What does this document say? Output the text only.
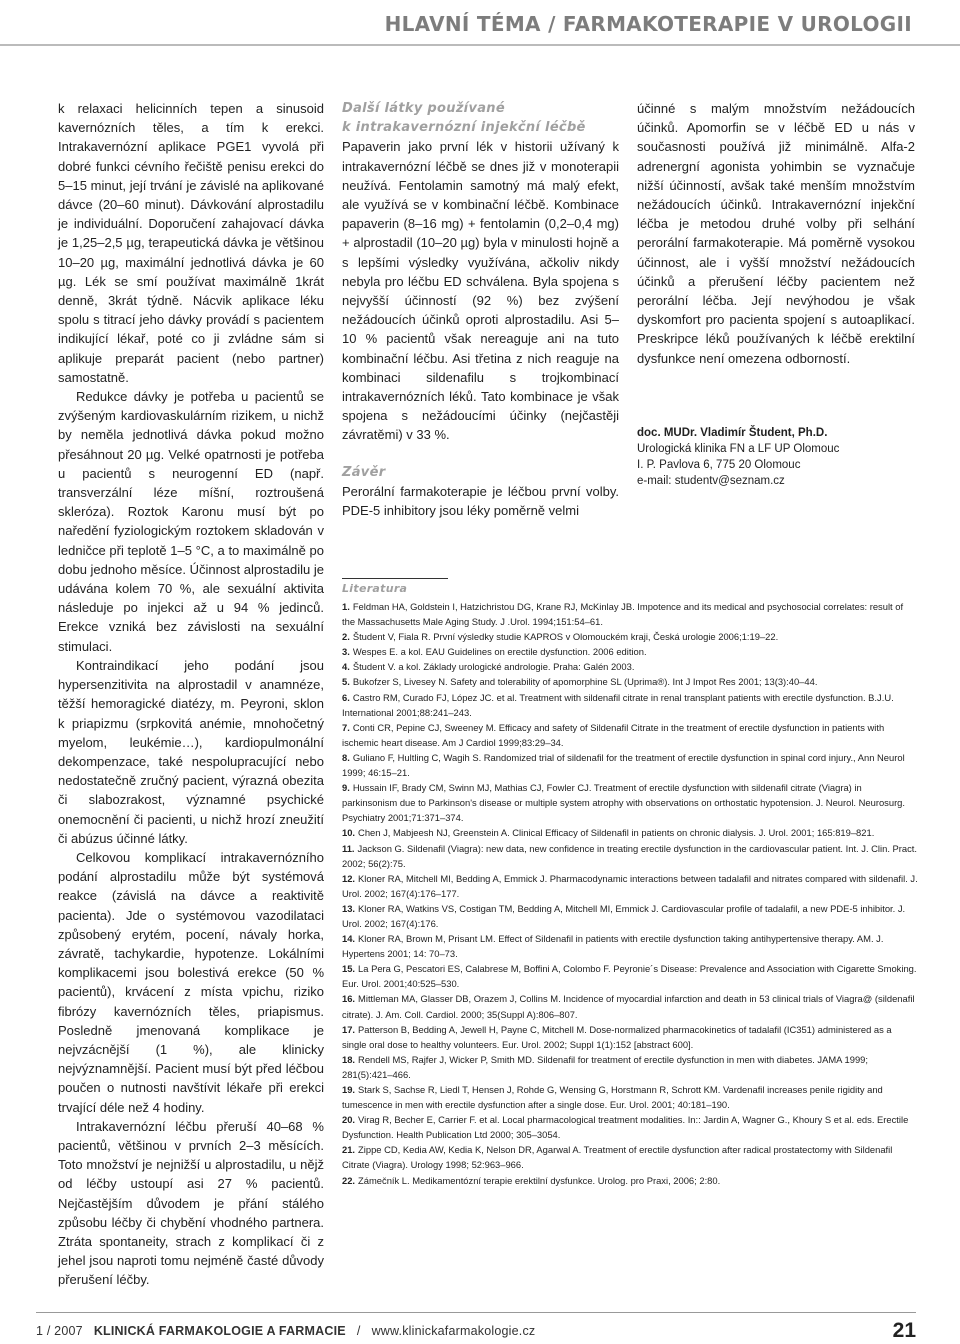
HLAVNÍ TÉMA / FARMAKOTERAPIE V UROLOGII

k relaxaci helicinních tepen a sinusoid kavernózních těles, a tím k erekci. Intrakavernózní aplikace PGE1 vyvolá při dobré funkci cévního řečiště penisu erekci do 5–15 minut, její trvání je závislé na aplikované dávce (20–60 minut). Dávkování alprostadilu je individuální. Doporučení zahajovací dávka je 1,25–2,5 µg, terapeutická dávka je většinou 10–20 µg, maximální jednotlivá dávka je 60 µg. Lék se smí používat maximálně 1krát denně, 3krát týdně. Nácvik aplikace léku spolu s titrací jeho dávky provádí s pacientem indikující lékař, poté co ji zvládne sám si aplikuje preparát pacient (nebo partner) samostatně.

Redukce dávky je potřeba u pacientů se zvýšeným kardiovaskulárním rizikem, u nichž by neměla jednotlivá dávka pokud možno přesáhnout 20 µg. Velké opatrnosti je potřeba u pacientů s neurogenní ED (např. transverzální léze míšní, roztroušená skleróza). Roztok Karonu musí být po naředění fyziologickým roztokem skladován v ledničce při teplotě 1–5 °C, a to maximálně po dobu jednoho měsíce. Účinnost alprostadilu je udávána kolem 70 %, ale sexuální aktivita následuje po injekci až u 94 % jedinců. Erekce vzniká bez závislosti na sexuální stimulaci.

Kontraindikací jeho podání jsou hypersenzitivita na alprostadil v anamnéze, těžší hemoragické diatézy, m. Peyroni, sklon k priapizmu (srpkovitá anémie, mnohočetný myelom, leukémie…), kardiopulmonální dekompenzace, také nespolupracující nebo nedostatečně zručný pacient, výrazná obezita či slabozrakost, významné psychické onemocnění či pacienti, u nichž hrozí zneužití či abúzus účinné látky.

Celkovou komplikací intrakavernózního podání alprostadilu může být systémová reakce (závislá na dávce a reaktivitě pacienta). Jde o systémovou vazodilataci způsobený erytém, pocení, návaly horka, závratě, tachykardie, hypotenze. Lokálními komplikacemi jsou bolestivá erekce (50 % pacientů), krvácení z místa vpichu, riziko fibrózy kavernózních těles, priapismus. Posledně jmenovaná komplikace je nejvzácnější (1 %), ale klinicky nejvýznamnější. Pacient musí být před léčbou poučen o nutnosti navštívit lékaře při erekci trvající déle než 4 hodiny.

Intrakavernózní léčbu přeruší 40–68 % pacientů, většinou v prvních 2–3 měsících. Toto množství je nejnižší u alprostadilu, u nějž od léčby ustoupí asi 27 % pacientů. Nejčastějším důvodem je přání stálého způsobu léčby či chybění vhodného partnera. Ztráta spontaneity, strach z komplikací či z jehel jsou naproti tomu nejméně časté důvody přerušení léčby.

Další látky používané
k intrakavernózní injekční léčbě

Papaverin jako první lék v historii užívaný k intrakavernózní léčbě se dnes již v monoterapii neužívá. Fentolamin samotný má malý efekt, ale využívá se v kombinační léčbě. Kombinace papaverin (8–16 mg) + fentolamin (0,2–0,4 mg) + alprostadil (10–20 µg) byla v minulosti hojně a s lepšími výsledky využívána, ačkoliv nikdy nebyla pro léčbu ED schválena. Byla spojena s nejvyšší účinností (92 %) bez zvýšení nežádoucích účinků oproti alprostadilu. Asi 5–10 % pacientů však nereaguje ani na tuto kombinační léčbu. Asi třetina z nich reaguje na kombinaci sildenafilu s trojkombinací intrakavernózních léků. Tato kombinace je však spojena s nežádoucími účinky (nejčastěji závratěmi) v 33 %.

Závěr

Perorální farmakoterapie je léčbou první volby. PDE-5 inhibitory jsou léky poměrně velmi

účinné s malým množstvím nežádoucích účinků. Apomorfin se v léčbě ED u nás v současnosti používá již minimálně. Alfa-2 adrenergní agonista yohimbin se vyznačuje nižší účinností, avšak také menším množstvím nežádoucích účinků. Intrakavernózní injekční léčba je metodou druhé volby při selhání perorální farmakoterapie. Má poměrně vysokou účinnost, ale i vyšší množství nežádoucích účinků a přerušení léčby pacientem než perorální léčba. Její nevýhodou je však dyskomfort pro pacienta spojení s autoaplikací. Preskripce léků používaných k léčbě erektilní dysfunkce není omezena odborností.

doc. MUDr. Vladimír Študent, Ph.D.
Urologická klinika FN a LF UP Olomouc
I. P. Pavlova 6, 775 20 Olomouc
e-mail: studentv@seznam.cz
Literatura
1. Feldman HA, Goldstein I, Hatzichristou DG, Krane RJ, McKinlay JB. Impotence and its medical and psychosocial correlates: result of the Massachusetts Male Aging Study. J .Urol. 1994;151:54–61.
2. Študent V, Fiala R. První výsledky studie KAPROS v Olomouckém kraji, Česká urologie 2006;1:19–22.
3. Wespes E. a kol. EAU Guidelines on erectile dysfunction. 2006 edition.
4. Študent V. a kol. Základy urologické andrologie. Praha: Galén 2003.
5. Bukofzer S, Livesey N. Safety and tolerability of apomorphine SL (Uprima®). Int J Impot Res 2001; 13(3):40–44.
6. Castro RM, Curado FJ, López JC. et al. Treatment with sildenafil citrate in renal transplant patients with erectile dysfunction. B.J.U. International 2001;88:241–243.
7. Conti CR, Pepine CJ, Sweeney M. Efficacy and safety of Sildenafil Citrate in the treatment of erectile dysfunction in patients with ischemic heart disease. Am J Cardiol 1999;83:29–34.
8. Guliano F, Hultling C, Wagih S. Randomized trial of sildenafil for the treatment of erectile dysfunction in spinal cord injury., Ann Neurol 1999; 46:15–21.
9. Hussain IF, Brady CM, Swinn MJ, Mathias CJ, Fowler CJ. Treatment of erectile dysfunction with sildenafil citrate (Viagra) in parkinsonism due to Parkinson's disease or multiple system atrophy with observations on orthostatic hypotension. J. Neurol. Neurosurg. Psychiatry 2001;71:371–374.
10. Chen J, Mabjeesh NJ, Greenstein A. Clinical Efficacy of Sildenafil in patients on chronic dialysis. J. Urol. 2001; 165:819–821.
11. Jackson G. Sildenafil (Viagra): new data, new confidence in treating erectile dysfunction in the cardiovascular patient. Int. J. Clin. Pract. 2002; 56(2):75.
12. Kloner RA, Mitchell MI, Bedding A, Emmick J. Pharmacodynamic interactions between tadalafil and nitrates compared with sildenafil. J. Urol. 2002; 167(4):176–177.
13. Kloner RA, Watkins VS, Costigan TM, Bedding A, Mitchell MI, Emmick J. Cardiovascular profile of tadalafil, a new PDE-5 inhibitor. J. Urol. 2002; 167(4):176.
14. Kloner RA, Brown M, Prisant LM. Effect of Sildenafil in patients with erectile dysfunction taking antihypertensive therapy. AM. J. Hypertens 2001; 14: 70–73.
15. La Pera G, Pescatori ES, Calabrese M, Boffini A, Colombo F. Peyronie´s Disease: Prevalence and Association with Cigarette Smoking. Eur. Urol. 2001;40:525–530.
16. Mittleman MA, Glasser DB, Orazem J, Collins M. Incidence of myocardial infarction and death in 53 clinical trials of Viagra@ (sildenafil citrate). J. Am. Coll. Cardiol. 2000; 35(Suppl A):806–807.
17. Patterson B, Bedding A, Jewell H, Payne C, Mitchell M. Dose-normalized pharmacokinetics of tadalafil (IC351) administered as a single oral dose to healthy volunteers. Eur. Urol. 2002; Suppl 1(1):152 [abstract 600].
18. Rendell MS, Rajfer J, Wicker P, Smith MD. Sildenafil for treatment of erectile dysfunction in men with diabetes. JAMA 1999; 281(5):421–466.
19. Stark S, Sachse R, Liedl T, Hensen J, Rohde G, Wensing G, Horstmann R, Schrott KM. Vardenafil increases penile rigidity and tumescence in men with erectile dysfunction after a single dose. Eur. Urol. 2001; 40:181–190.
20. Virag R, Becher E, Carrier F. et al. Local pharmacological treatment modalities. In:: Jardin A, Wagner G., Khoury S et al. eds. Erectile Dysfunction. Health Publication Ltd 2000; 305–3054.
21. Zippe CD, Kedia AW, Kedia K, Nelson DR, Agarwal A. Treatment of erectile dysfunction after radical prostatectomy with Sildenafil Citrate (Viagra). Urology 1998; 52:963–966.
22. Zámečník L. Medikamentózní terapie erektilní dysfunkce. Urolog. pro Praxi, 2006; 2:80.
1 / 2007 KLINICKÁ FARMAKOLOGIE A FARMACIE / www.klinickafarmakologie.cz	21
